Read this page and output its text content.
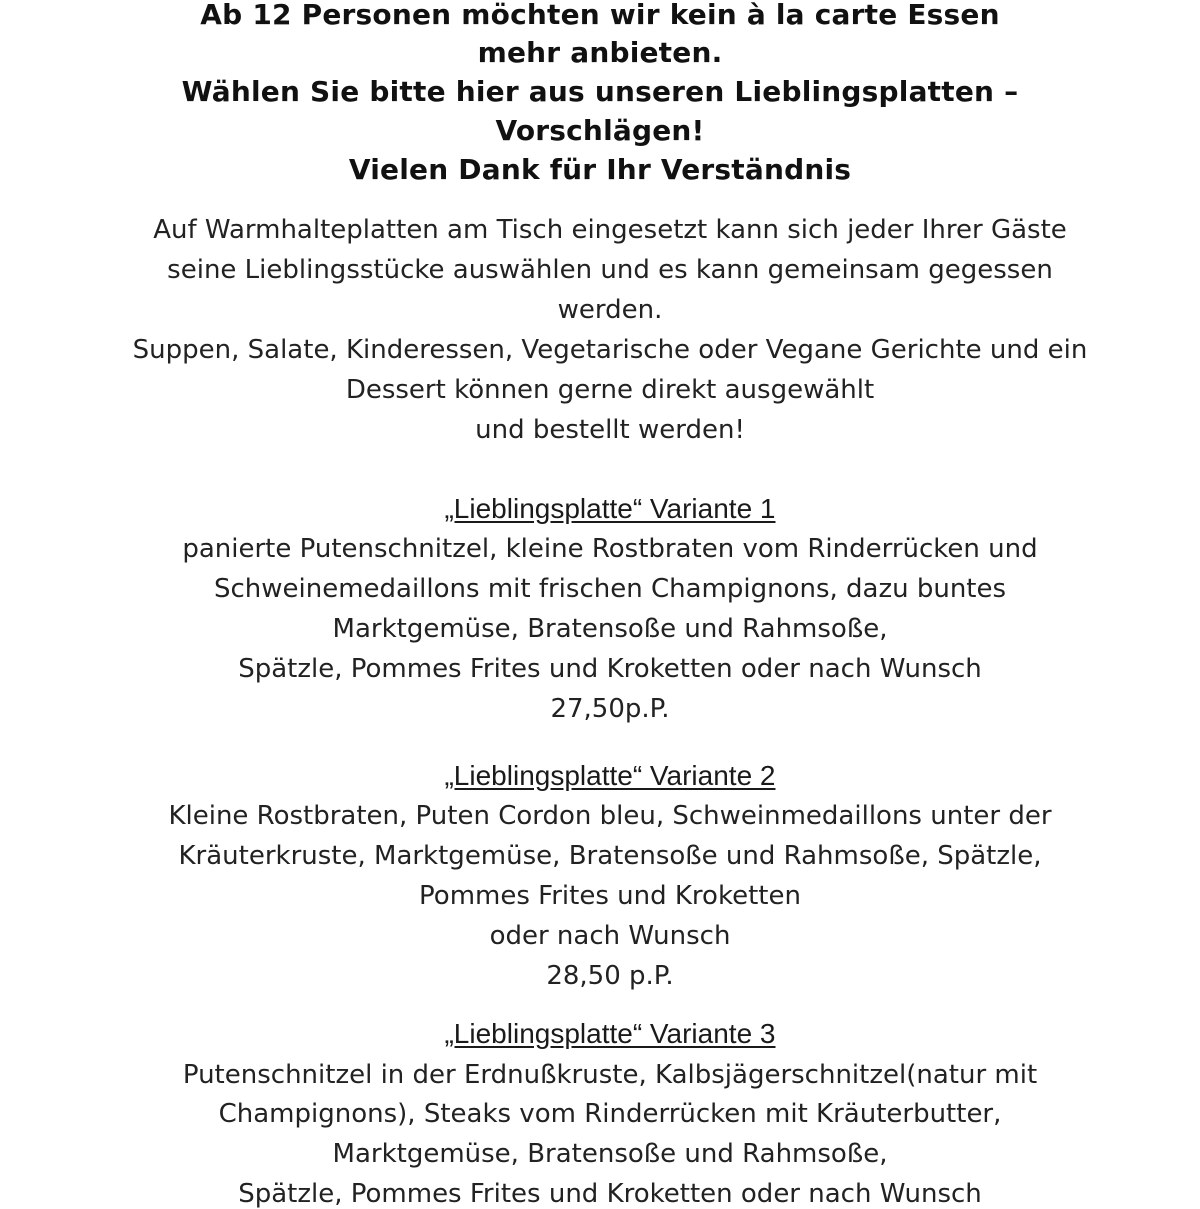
Ab 12 Personen möchten wir kein à la carte Essen
mehr anbieten.
Wählen Sie bitte hier aus unseren Lieblingsplatten –
Vorschlägen!
Vielen Dank für Ihr Verständnis
Auf Warmhalteplatten am Tisch eingesetzt kann sich jeder Ihrer Gäste
seine Lieblingsstücke auswählen und es kann gemeinsam gegessen
werden.
Suppen, Salate, Kinderessen, Vegetarische oder Vegane Gerichte und ein
Dessert können gerne direkt ausgewählt
und bestellt werden!
„Lieblingsplatte“ Variante 1
panierte Putenschnitzel, kleine Rostbraten vom Rinderrücken und
Schweinemedaillons mit frischen Champignons, dazu buntes
Marktgemüse, Bratensoße und Rahmsoße,
Spätzle, Pommes Frites und Kroketten oder nach Wunsch
27,50p.P.
„Lieblingsplatte“ Variante 2
Kleine Rostbraten, Puten Cordon bleu, Schweinmedaillons unter der
Kräuterkruste, Marktgemüse, Bratensoße und Rahmsoße, Spätzle,
Pommes Frites und Kroketten
oder nach Wunsch
28,50 p.P.
„Lieblingsplatte“ Variante 3
Putenschnitzel in der Erdnußkruste, Kalbsjägerschnitzel(natur mit
Champignons), Steaks vom Rinderrücken mit Kräuterbutter,
Marktgemüse, Bratensoße und Rahmsoße,
Spätzle, Pommes Frites und Kroketten oder nach Wunsch
